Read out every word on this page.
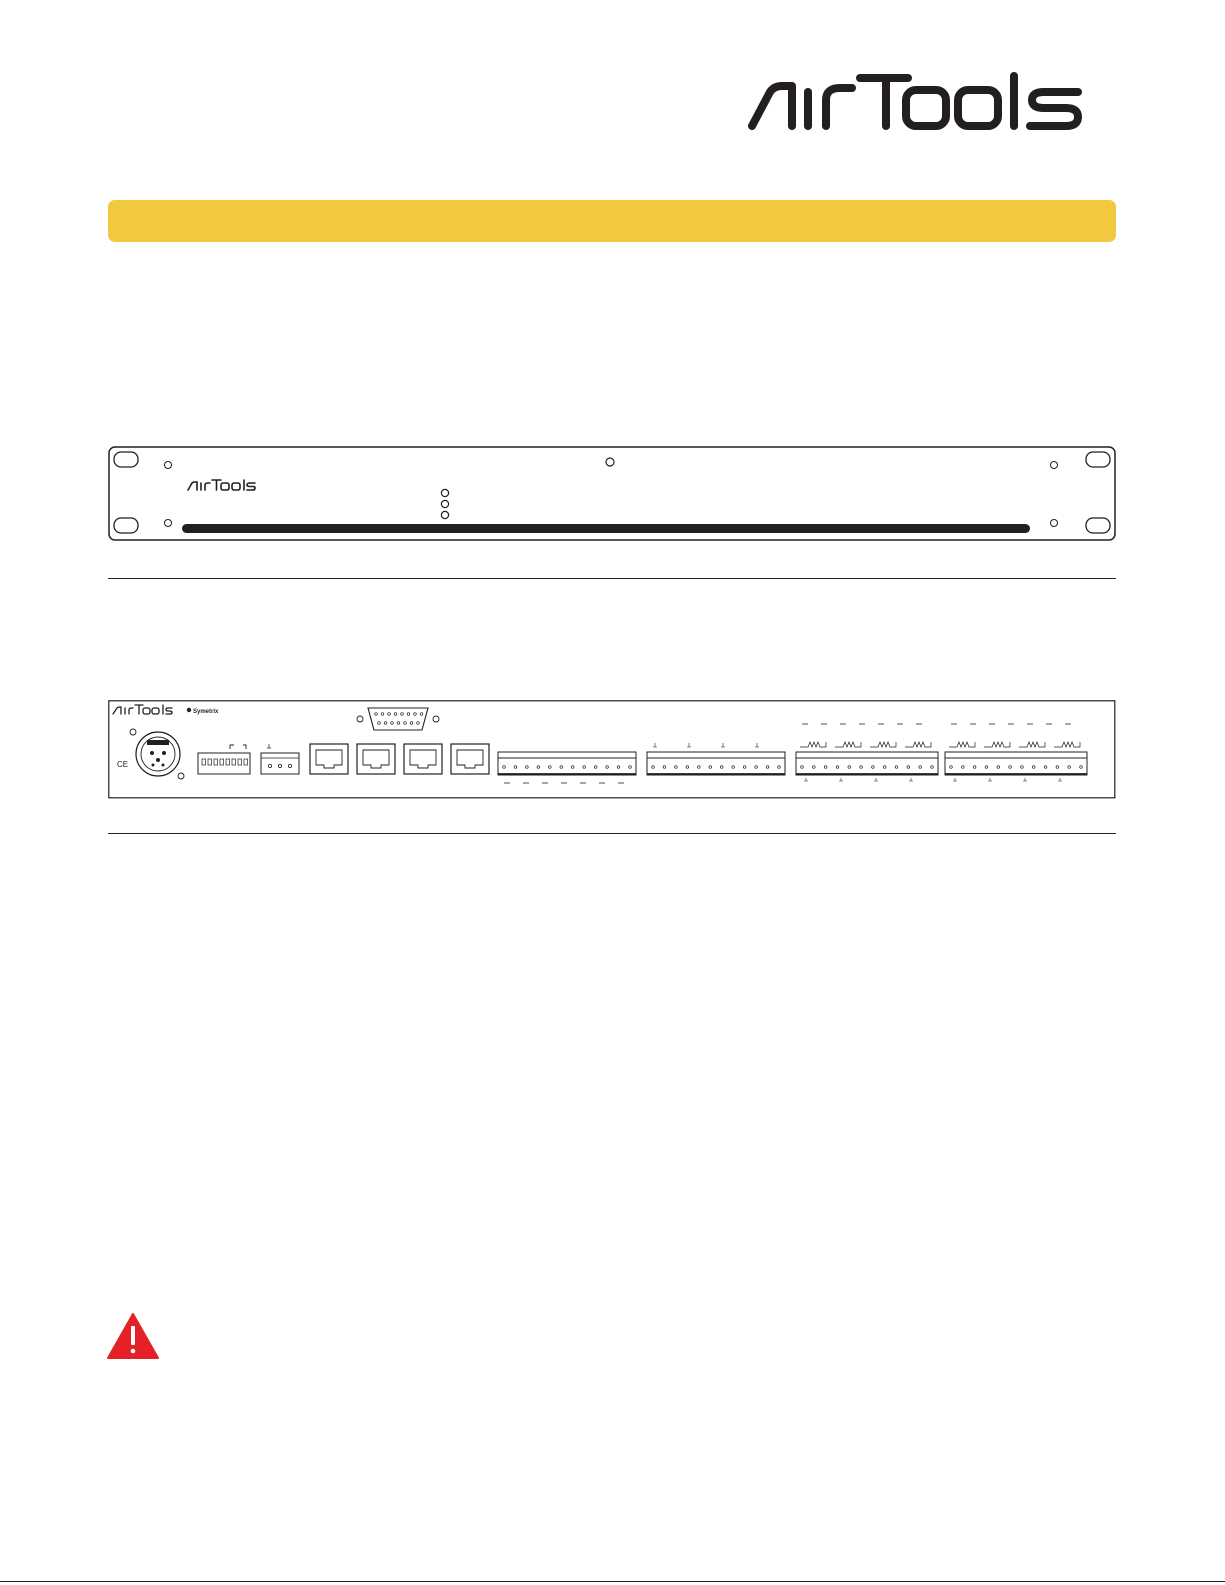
Symetrix
CE
